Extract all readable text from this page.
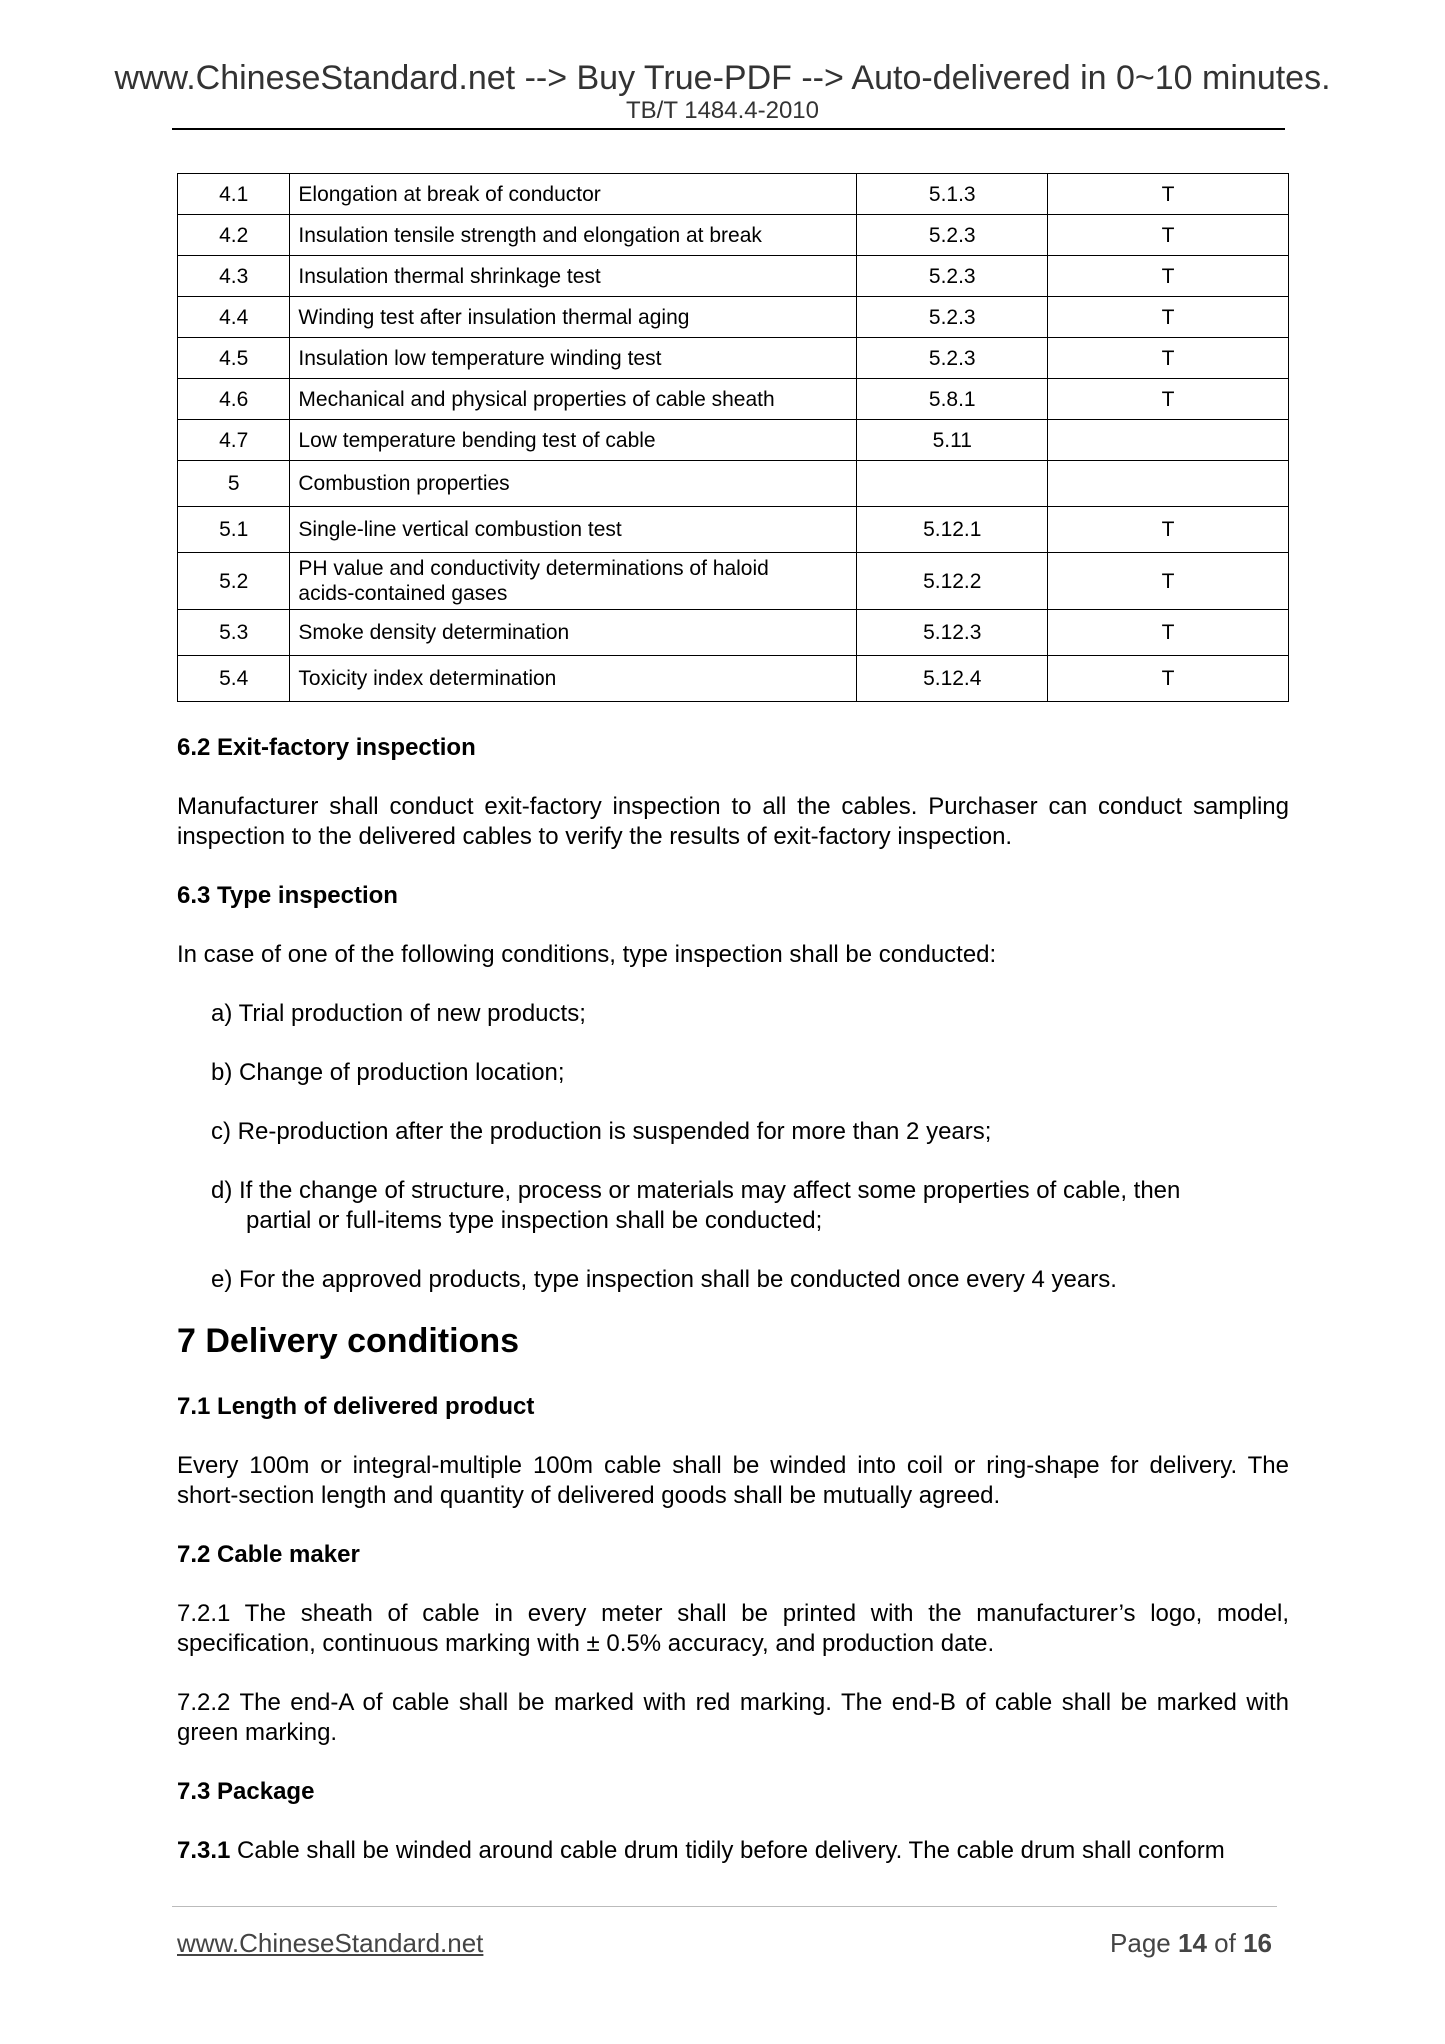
www.ChineseStandard.net --> Buy True-PDF --> Auto-delivered in 0~10 minutes.
TB/T 1484.4-2010
4.1	Elongation at break of conductor	5.1.3	T
4.2	Insulation tensile strength and elongation at break	5.2.3	T
4.3	Insulation thermal shrinkage test	5.2.3	T
4.4	Winding test after insulation thermal aging	5.2.3	T
4.5	Insulation low temperature winding test	5.2.3	T
4.6	Mechanical and physical properties of cable sheath	5.8.1	T
4.7	Low temperature bending test of cable	5.11	
5	Combustion properties		
5.1	Single-line vertical combustion test	5.12.1	T
5.2	PH value and conductivity determinations of haloid
acids-contained gases	5.12.2	T
5.3	Smoke density determination	5.12.3	T
5.4	Toxicity index determination	5.12.4	T

6.2 Exit-factory inspection

Manufacturer shall conduct exit-factory inspection to all the cables. Purchaser can conduct sampling inspection to the delivered cables to verify the results of exit-factory inspection.

6.3 Type inspection

In case of one of the following conditions, type inspection shall be conducted:

a) Trial production of new products;

b) Change of production location;

c) Re-production after the production is suspended for more than 2 years;

d) If the change of structure, process or materials may affect some properties of cable, then
partial or full-items type inspection shall be conducted;

e) For the approved products, type inspection shall be conducted once every 4 years.

7 Delivery conditions

7.1 Length of delivered product

Every 100m or integral-multiple 100m cable shall be winded into coil or ring-shape for delivery. The short-section length and quantity of delivered goods shall be mutually agreed.

7.2 Cable maker

7.2.1 The sheath of cable in every meter shall be printed with the manufacturer’s logo, model, specification, continuous marking with ± 0.5% accuracy, and production date.

7.2.2 The end-A of cable shall be marked with red marking. The end-B of cable shall be marked with green marking.

7.3 Package

7.3.1 Cable shall be winded around cable drum tidily before delivery. The cable drum shall conform

www.ChineseStandard.net	Page 14 of 16
